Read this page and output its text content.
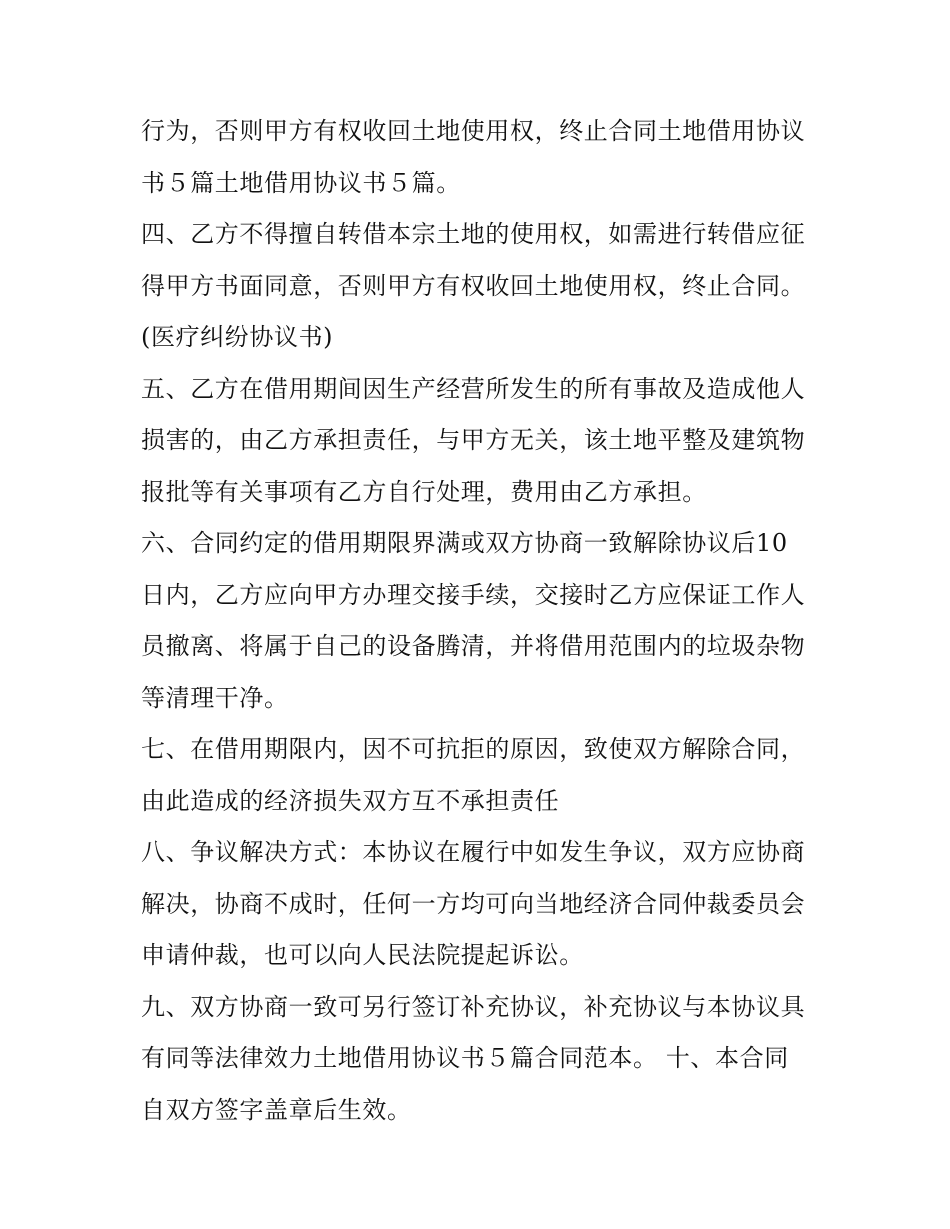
行为，否则甲方有权收回土地使用权，终止合同土地借用协议
书５篇土地借用协议书５篇。
四、乙方不得擅自转借本宗土地的使用权，如需进行转借应征
得甲方书面同意，否则甲方有权收回土地使用权，终止合同。
(医疗纠纷协议书)
五、乙方在借用期间因生产经营所发生的所有事故及造成他人
损害的，由乙方承担责任，与甲方无关，该土地平整及建筑物
报批等有关事项有乙方自行处理，费用由乙方承担。
六、合同约定的借用期限界满或双方协商一致解除协议后10
日内，乙方应向甲方办理交接手续，交接时乙方应保证工作人
员撤离、将属于自己的设备腾清，并将借用范围内的垃圾杂物
等清理干净。
七、在借用期限内，因不可抗拒的原因，致使双方解除合同，
由此造成的经济损失双方互不承担责任
八、争议解决方式：本协议在履行中如发生争议，双方应协商
解决，协商不成时，任何一方均可向当地经济合同仲裁委员会
申请仲裁，也可以向人民法院提起诉讼。
九、双方协商一致可另行签订补充协议，补充协议与本协议具
有同等法律效力土地借用协议书５篇合同范本。 十、本合同
自双方签字盖章后生效。
